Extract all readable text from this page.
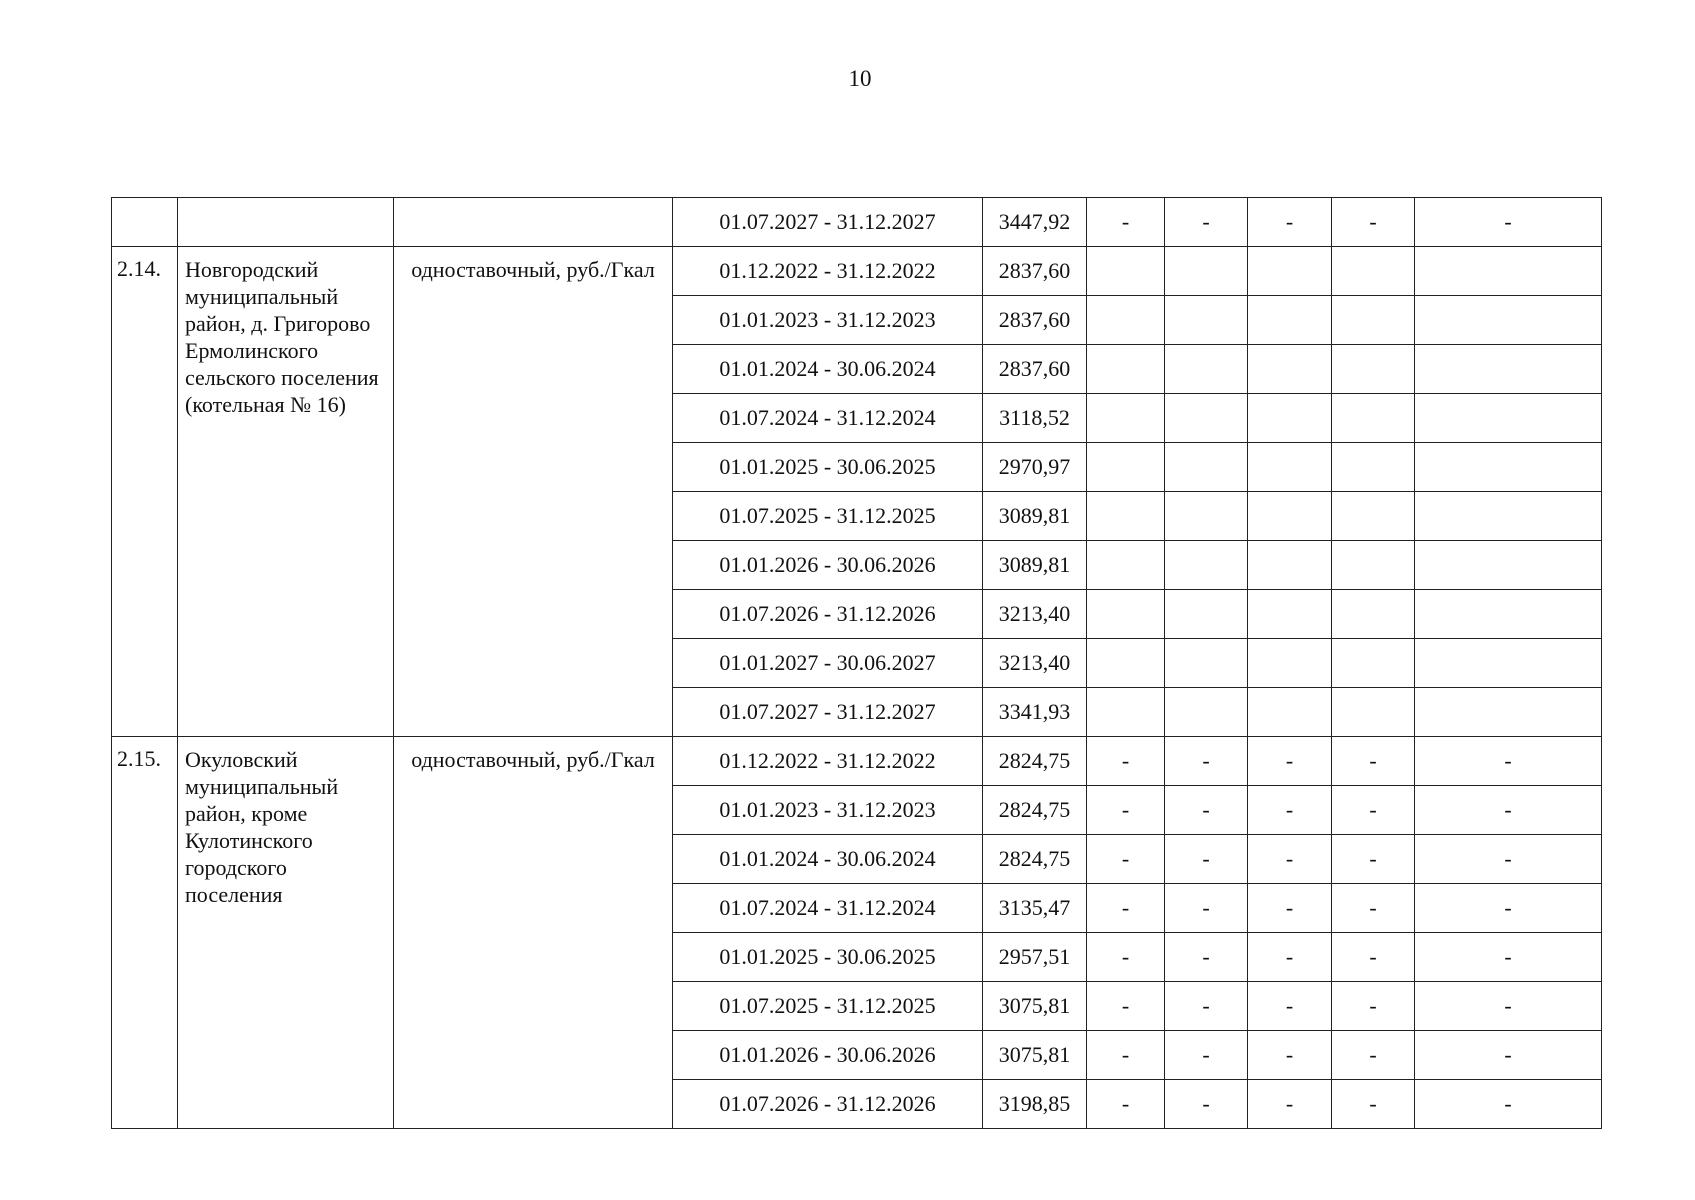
10
			01.07.2027 - 31.12.2027	3447,92	-	-	-	-	-
2.14.	Новгородский муниципальный район, д. Григорово Ермолинского сельского поселения (котельная № 16)	одноставочный, руб./Гкал	01.12.2022 - 31.12.2022	2837,60					
			01.01.2023 - 31.12.2023	2837,60					
			01.01.2024 - 30.06.2024	2837,60					
			01.07.2024 - 31.12.2024	3118,52					
			01.01.2025 - 30.06.2025	2970,97					
			01.07.2025 - 31.12.2025	3089,81					
			01.01.2026 - 30.06.2026	3089,81					
			01.07.2026 - 31.12.2026	3213,40					
			01.01.2027 - 30.06.2027	3213,40					
			01.07.2027 - 31.12.2027	3341,93					
2.15.	Окуловский муниципальный район, кроме Кулотинского городского поселения	одноставочный, руб./Гкал	01.12.2022 - 31.12.2022	2824,75	-	-	-	-	-
			01.01.2023 - 31.12.2023	2824,75	-	-	-	-	-
			01.01.2024 - 30.06.2024	2824,75	-	-	-	-	-
			01.07.2024 - 31.12.2024	3135,47	-	-	-	-	-
			01.01.2025 - 30.06.2025	2957,51	-	-	-	-	-
			01.07.2025 - 31.12.2025	3075,81	-	-	-	-	-
			01.01.2026 - 30.06.2026	3075,81	-	-	-	-	-
			01.07.2026 - 31.12.2026	3198,85	-	-	-	-	-
